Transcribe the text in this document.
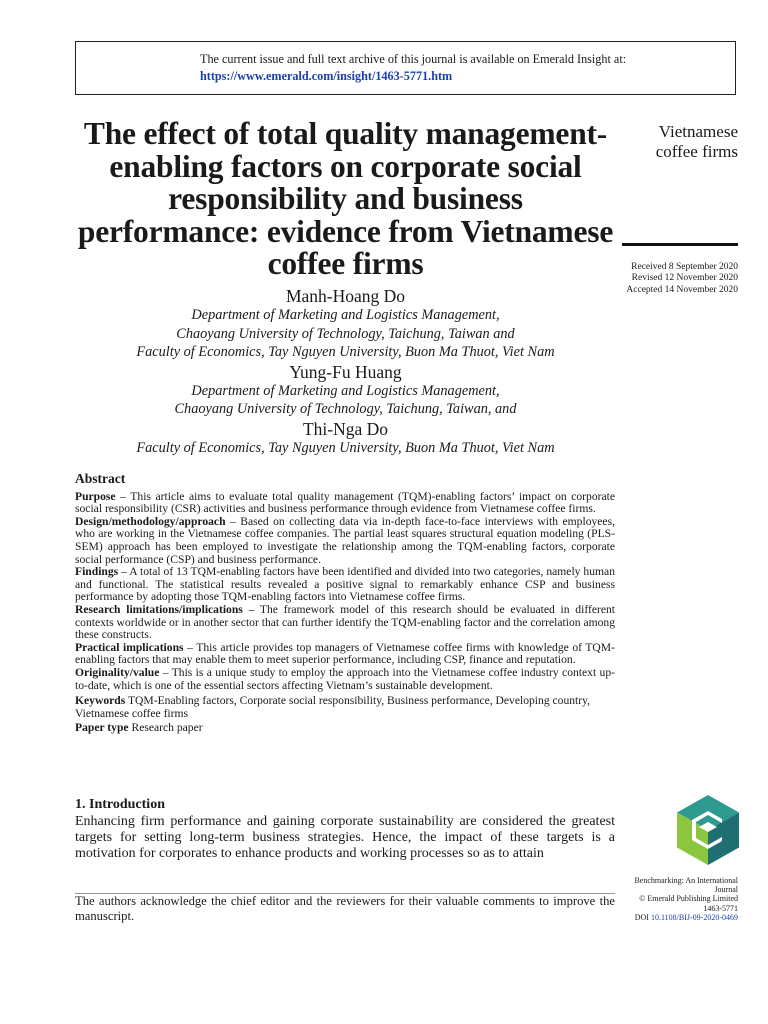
The current issue and full text archive of this journal is available on Emerald Insight at:
https://www.emerald.com/insight/1463-5771.htm
The effect of total quality management-enabling factors on corporate social responsibility and business performance: evidence from Vietnamese coffee firms
Vietnamese
coffee firms
Received 8 September 2020
Revised 12 November 2020
Accepted 14 November 2020
Manh-Hoang Do
Department of Marketing and Logistics Management,
Chaoyang University of Technology, Taichung, Taiwan and
Faculty of Economics, Tay Nguyen University, Buon Ma Thuot, Viet Nam
Yung-Fu Huang
Department of Marketing and Logistics Management,
Chaoyang University of Technology, Taichung, Taiwan, and
Thi-Nga Do
Faculty of Economics, Tay Nguyen University, Buon Ma Thuot, Viet Nam
Abstract

Purpose – This article aims to evaluate total quality management (TQM)-enabling factors’ impact on corporate social responsibility (CSR) activities and business performance through evidence from Vietnamese coffee firms.

Design/methodology/approach – Based on collecting data via in-depth face-to-face interviews with employees, who are working in the Vietnamese coffee companies. The partial least squares structural equation modeling (PLS-SEM) approach has been employed to investigate the relationship among the TQM-enabling factors, corporate social performance (CSP) and business performance.

Findings – A total of 13 TQM-enabling factors have been identified and divided into two categories, namely human and functional. The statistical results revealed a positive signal to remarkably enhance CSP and business performance by adopting those TQM-enabling factors into Vietnamese coffee firms.

Research limitations/implications – The framework model of this research should be evaluated in different contexts worldwide or in another sector that can further identify the TQM-enabling factor and the correlation among these constructs.

Practical implications – This article provides top managers of Vietnamese coffee firms with knowledge of TQM-enabling factors that may enable them to meet superior performance, including CSP, finance and reputation.

Originality/value – This is a unique study to employ the approach into the Vietnamese coffee industry context up-to-date, which is one of the essential sectors affecting Vietnam’s sustainable development.

Keywords TQM-Enabling factors, Corporate social responsibility, Business performance, Developing country, Vietnamese coffee firms
Paper type Research paper
1. Introduction

Enhancing firm performance and gaining corporate sustainability are considered the greatest targets for setting long-term business strategies. Hence, the impact of these targets is a motivation for corporates to enhance products and working processes so as to attain

The authors acknowledge the chief editor and the reviewers for their valuable comments to improve the manuscript.
Benchmarking: An International
Journal
© Emerald Publishing Limited
1463-5771
DOI 10.1108/BIJ-09-2020-0469
